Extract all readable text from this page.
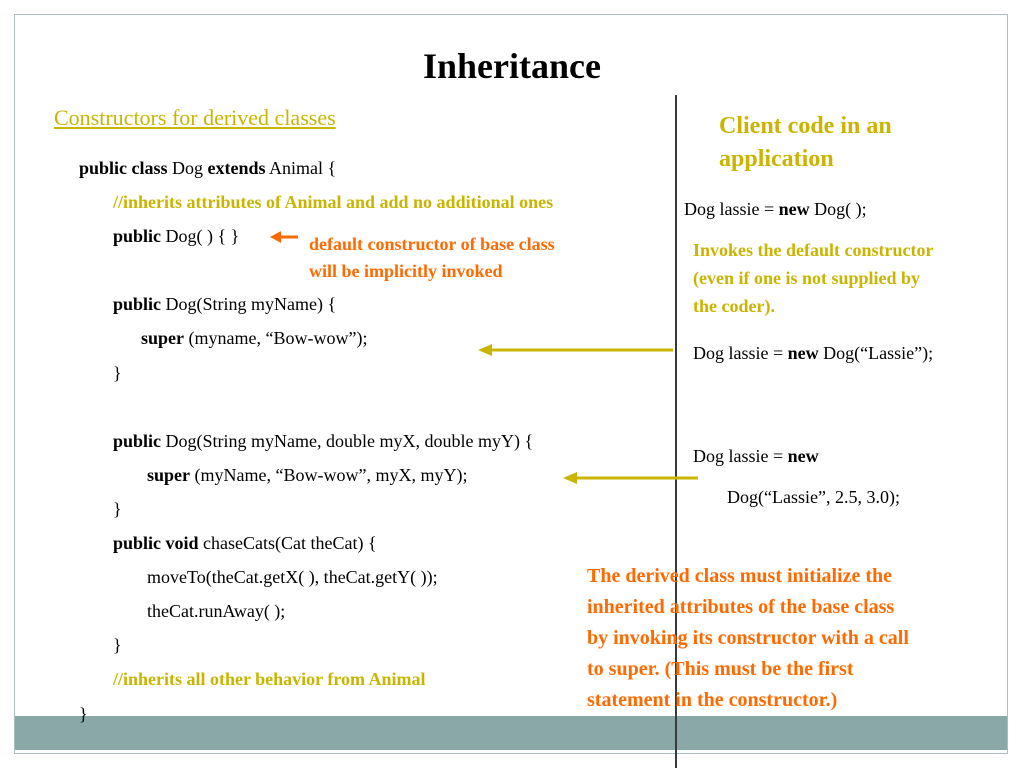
Inheritance
Constructors for derived classes
public class Dog extends Animal {
//inherits attributes of Animal and add no additional ones
public Dog( ) { }
public Dog(String myName) {
super (myname, “Bow-wow”);
}
public Dog(String myName, double myX, double myY) {
super (myName, “Bow-wow”, myX, myY);
}
public void chaseCats(Cat theCat) {
moveTo(theCat.getX( ), theCat.getY( ));
theCat.runAway( );
}
//inherits all other behavior from Animal
}
default constructor of base class
will be implicitly invoked
Client code in an
application
Dog lassie = new Dog( );
Invokes the default constructor
(even if one is not supplied by
the coder).
Dog lassie = new Dog(“Lassie”);
Dog lassie = new
Dog(“Lassie”, 2.5, 3.0);
The derived class must initialize the
inherited attributes of the base class
by invoking its constructor with a call
to super. (This must be the first
statement in the constructor.)
